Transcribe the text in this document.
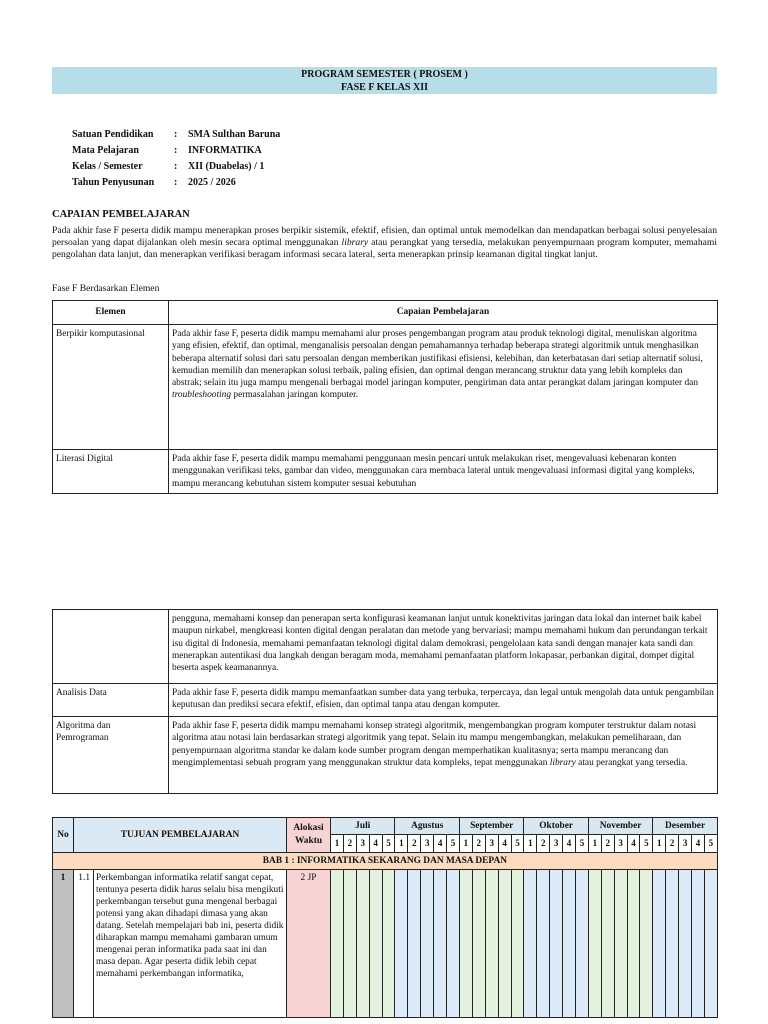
PROGRAM SEMESTER ( PROSEM )
FASE F KELAS XII
Satuan Pendidikan	:	SMA Sulthan Baruna
Mata Pelajaran	:	INFORMATIKA
Kelas / Semester	:	XII (Duabelas) / 1
Tahun Penyusunan	:	2025 / 2026
CAPAIAN PEMBELAJARAN
Pada akhir fase F peserta didik mampu menerapkan proses berpikir sistemik, efektif, efisien, dan optimal untuk memodelkan dan mendapatkan berbagai solusi penyelesaian persoalan yang dapat dijalankan oleh mesin secara optimal menggunakan library atau perangkat yang tersedia, melakukan penyempurnaan program komputer, memahami pengolahan data lanjut, dan menerapkan verifikasi beragam informasi secara lateral, serta menerapkan prinsip keamanan digital tingkat lanjut.
Fase F Berdasarkan Elemen
Elemen	Capaian Pembelajaran
Berpikir komputasional	Pada akhir fase F, peserta didik mampu memahami alur proses pengembangan program atau produk teknologi digital, menuliskan algoritma yang efisien, efektif, dan optimal, menganalisis persoalan dengan pemahamannya terhadap beberapa strategi algoritmik untuk menghasilkan beberapa alternatif solusi dari satu persoalan dengan memberikan justifikasi efisiensi, kelebihan, dan keterbatasan dari setiap alternatif solusi, kemudian memilih dan menerapkan solusi terbaik, paling efisien, dan optimal dengan merancang struktur data yang lebih kompleks dan abstrak; selain itu juga mampu mengenali berbagai model jaringan komputer, pengiriman data antar perangkat dalam jaringan komputer dan troubleshooting permasalahan jaringan komputer.
Literasi Digital	Pada akhir fase F, peserta didik mampu memahami penggunaan mesin pencari untuk melakukan riset, mengevaluasi kebenaran konten menggunakan verifikasi teks, gambar dan video, menggunakan cara membaca lateral untuk mengevaluasi informasi digital yang kompleks, mampu merancang kebutuhan sistem komputer sesuai kebutuhan
	pengguna, memahami konsep dan penerapan serta konfigurasi keamanan lanjut untuk konektivitas jaringan data lokal dan internet baik kabel maupun nirkabel, mengkreasi konten digital dengan peralatan dan metode yang bervariasi; mampu memahami hukum dan perundangan terkait isu digital di Indonesia, memahami pemanfaatan teknologi digital dalam demokrasi, pengelolaan kata sandi dengan manajer kata sandi dan menerapkan autentikasi dua langkah dengan beragam moda, memahami pemanfaatan platform lokapasar, perbankan digital, dompet digital beserta aspek keamanannya.
Analisis Data	Pada akhir fase F, peserta didik mampu memanfaatkan sumber data yang terbuka, terpercaya, dan legal untuk mengolah data untuk pengambilan keputusan dan prediksi secara efektif, efisien, dan optimal tanpa atau dengan komputer.
Algoritma dan Pemrograman	Pada akhir fase F, peserta didik mampu memahami konsep strategi algoritmik, mengembangkan program komputer terstruktur dalam notasi algoritma atau notasi lain berdasarkan strategi algoritmik yang tepat. Selain itu mampu mengembangkan, melakukan pemeliharaan, dan penyempurnaan algoritma standar ke dalam kode sumber program dengan memperhatikan kualitasnya; serta mampu merancang dan mengimplementasi sebuah program yang menggunakan struktur data kompleks, tepat menggunakan library atau perangkat yang tersedia.
No	TUJUAN PEMBELAJARAN		Alokasi Waktu	Juli					Agustus					September					Oktober					November					Desember				
				1	2	3	4	5	1	2	3	4	5	1	2	3	4	5	1	2	3	4	5	1	2	3	4	5	1	2	3	4	5
BAB 1 : INFORMATIKA SEKARANG DAN MASA DEPAN																																	
1	1.1	Perkembangan informatika relatif sangat cepat, tentunya peserta didik harus selalu bisa mengikuti perkembangan tersebut guna mengenal berbagai potensi yang akan dihadapi dimasa yang akan datang. Setelah mempelajari bab ini, peserta didik diharapkan mampu memahami gambaran umum mengenai peran informatika pada saat ini dan masa depan. Agar peserta didik lebih cepat memahami perkembangan informatika,	2 JP																														
